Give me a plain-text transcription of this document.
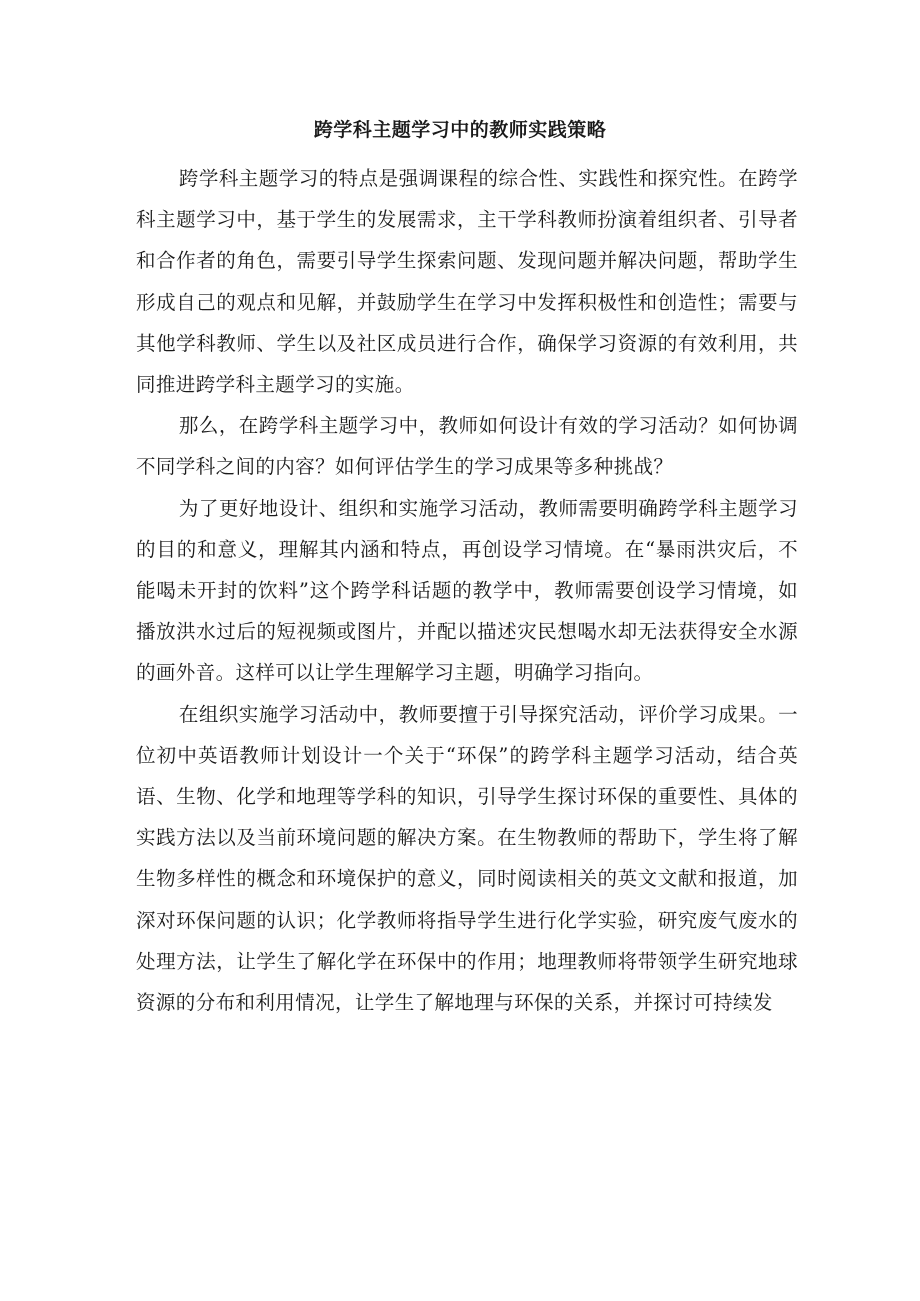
跨学科主题学习中的教师实践策略

跨学科主题学习的特点是强调课程的综合性、实践性和探究性。在跨学科主题学习中，基于学生的发展需求，主干学科教师扮演着组织者、引导者和合作者的角色，需要引导学生探索问题、发现问题并解决问题，帮助学生形成自己的观点和见解，并鼓励学生在学习中发挥积极性和创造性；需要与其他学科教师、学生以及社区成员进行合作，确保学习资源的有效利用，共同推进跨学科主题学习的实施。

那么，在跨学科主题学习中，教师如何设计有效的学习活动？如何协调不同学科之间的内容？如何评估学生的学习成果等多种挑战？

为了更好地设计、组织和实施学习活动，教师需要明确跨学科主题学习的目的和意义，理解其内涵和特点，再创设学习情境。在“暴雨洪灾后，不能喝未开封的饮料”这个跨学科话题的教学中，教师需要创设学习情境，如播放洪水过后的短视频或图片，并配以描述灾民想喝水却无法获得安全水源的画外音。这样可以让学生理解学习主题，明确学习指向。

在组织实施学习活动中，教师要擅于引导探究活动，评价学习成果。一位初中英语教师计划设计一个关于“环保”的跨学科主题学习活动，结合英语、生物、化学和地理等学科的知识，引导学生探讨环保的重要性、具体的实践方法以及当前环境问题的解决方案。在生物教师的帮助下，学生将了解生物多样性的概念和环境保护的意义，同时阅读相关的英文文献和报道，加深对环保问题的认识；化学教师将指导学生进行化学实验，研究废气废水的处理方法，让学生了解化学在环保中的作用；地理教师将带领学生研究地球资源的分布和利用情况，让学生了解地理与环保的关系，并探讨可持续发
